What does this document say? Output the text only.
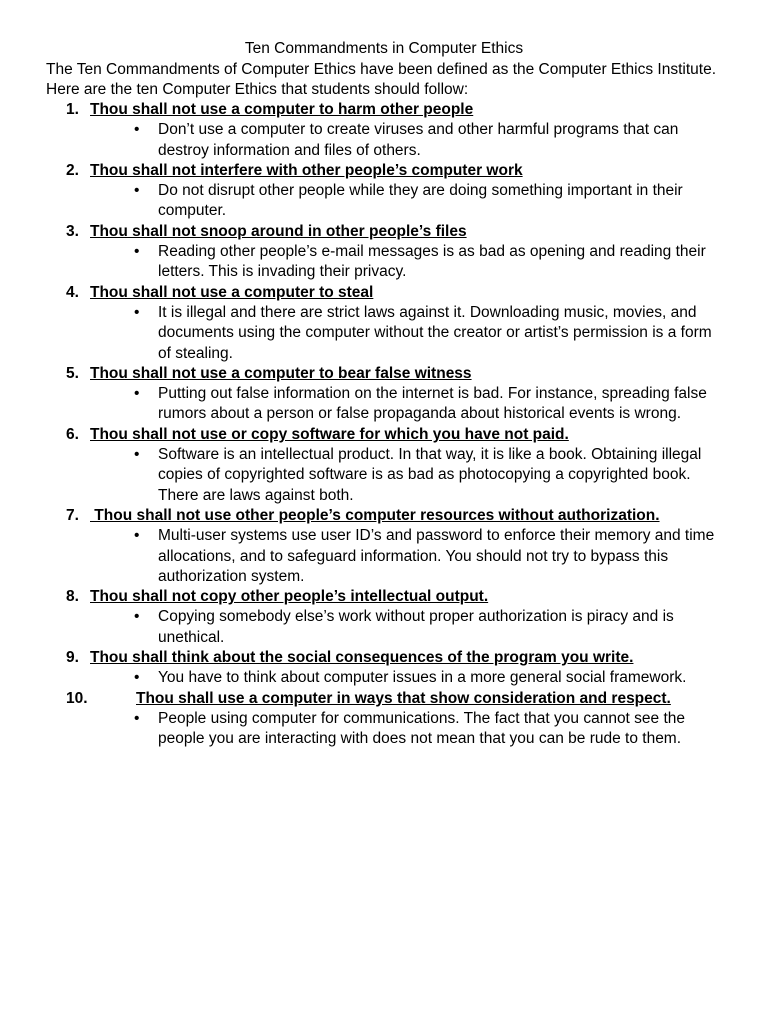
Ten Commandments in Computer Ethics
The Ten Commandments of Computer Ethics have been defined as the Computer Ethics Institute. Here are the ten Computer Ethics that students should follow:
1. Thou shall not use a computer to harm other people
• Don’t use a computer to create viruses and other harmful programs that can destroy information and files of others.
2. Thou shall not interfere with other people’s computer work
• Do not disrupt other people while they are doing something important in their computer.
3. Thou shall not snoop around in other people’s files
• Reading other people’s e-mail messages is as bad as opening and reading their letters. This is invading their privacy.
4. Thou shall not use a computer to steal
• It is illegal and there are strict laws against it. Downloading music, movies, and documents using the computer without the creator or artist’s permission is a form of stealing.
5. Thou shall not use a computer to bear false witness
• Putting out false information on the internet is bad. For instance, spreading false rumors about a person or false propaganda about historical events is wrong.
6. Thou shall not use or copy software for which you have not paid.
• Software is an intellectual product. In that way, it is like a book. Obtaining illegal copies of copyrighted software is as bad as photocopying a copyrighted book. There are laws against both.
7. Thou shall not use other people’s computer resources without authorization.
• Multi-user systems use user ID’s and password to enforce their memory and time allocations, and to safeguard information. You should not try to bypass this authorization system.
8. Thou shall not copy other people’s intellectual output.
• Copying somebody else’s work without proper authorization is piracy and is unethical.
9. Thou shall think about the social consequences of the program you write.
• You have to think about computer issues in a more general social framework.
10.	Thou shall use a computer in ways that show consideration and respect.
• People using computer for communications. The fact that you cannot see the people you are interacting with does not mean that you can be rude to them.
